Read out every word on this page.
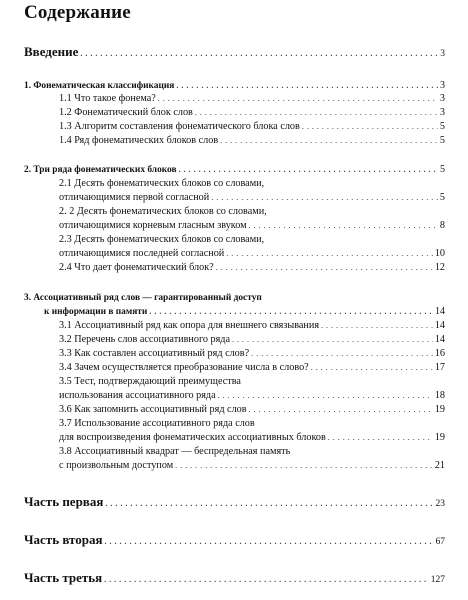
Содержание
Введение . . .	3
1. Фонематическая классификация . . .	3
1.1 Что такое фонема? . . .	3
1.2 Фонематический блок слов . . .	3
1.3 Алгоритм составления фонематического блока слов . . .	5
1.4 Ряд фонематических блоков слов . . .	5
2. Три ряда фонематических блоков . . .	5
2.1 Десять фонематических блоков со словами,
отличающимися первой согласной . . .	5
2. 2 Десять фонематических блоков со словами,
отличающимися корневым гласным звуком . . .	8
2.3 Десять фонематических блоков со словами,
отличающимися последней согласной . . .	10
2.4 Что дает фонематический блок? . . .	12
3. Ассоциативный ряд слов — гарантированный доступ
к информации в памяти . . .	14
3.1 Ассоциативный ряд как опора для внешнего связывания . . .	14
3.2 Перечень слов ассоциативного ряда . . .	14
3.3 Как составлен ассоциативный ряд слов? . . .	16
3.4 Зачем осуществляется преобразование числа в слово? . . .	17
3.5 Тест, подтверждающий преимущества
использования ассоциативного ряда . . .	18
3.6 Как запомнить ассоциативный ряд слов . . .	19
3.7 Использование ассоциативного ряда слов
для воспроизведения фонематических ассоциативных блоков . . .	19
3.8 Ассоциативный квадрат — беспредельная память
с произвольным доступом . . .	21
Часть первая . . .	23
Часть вторая . . .	67
Часть третья . . .	127
